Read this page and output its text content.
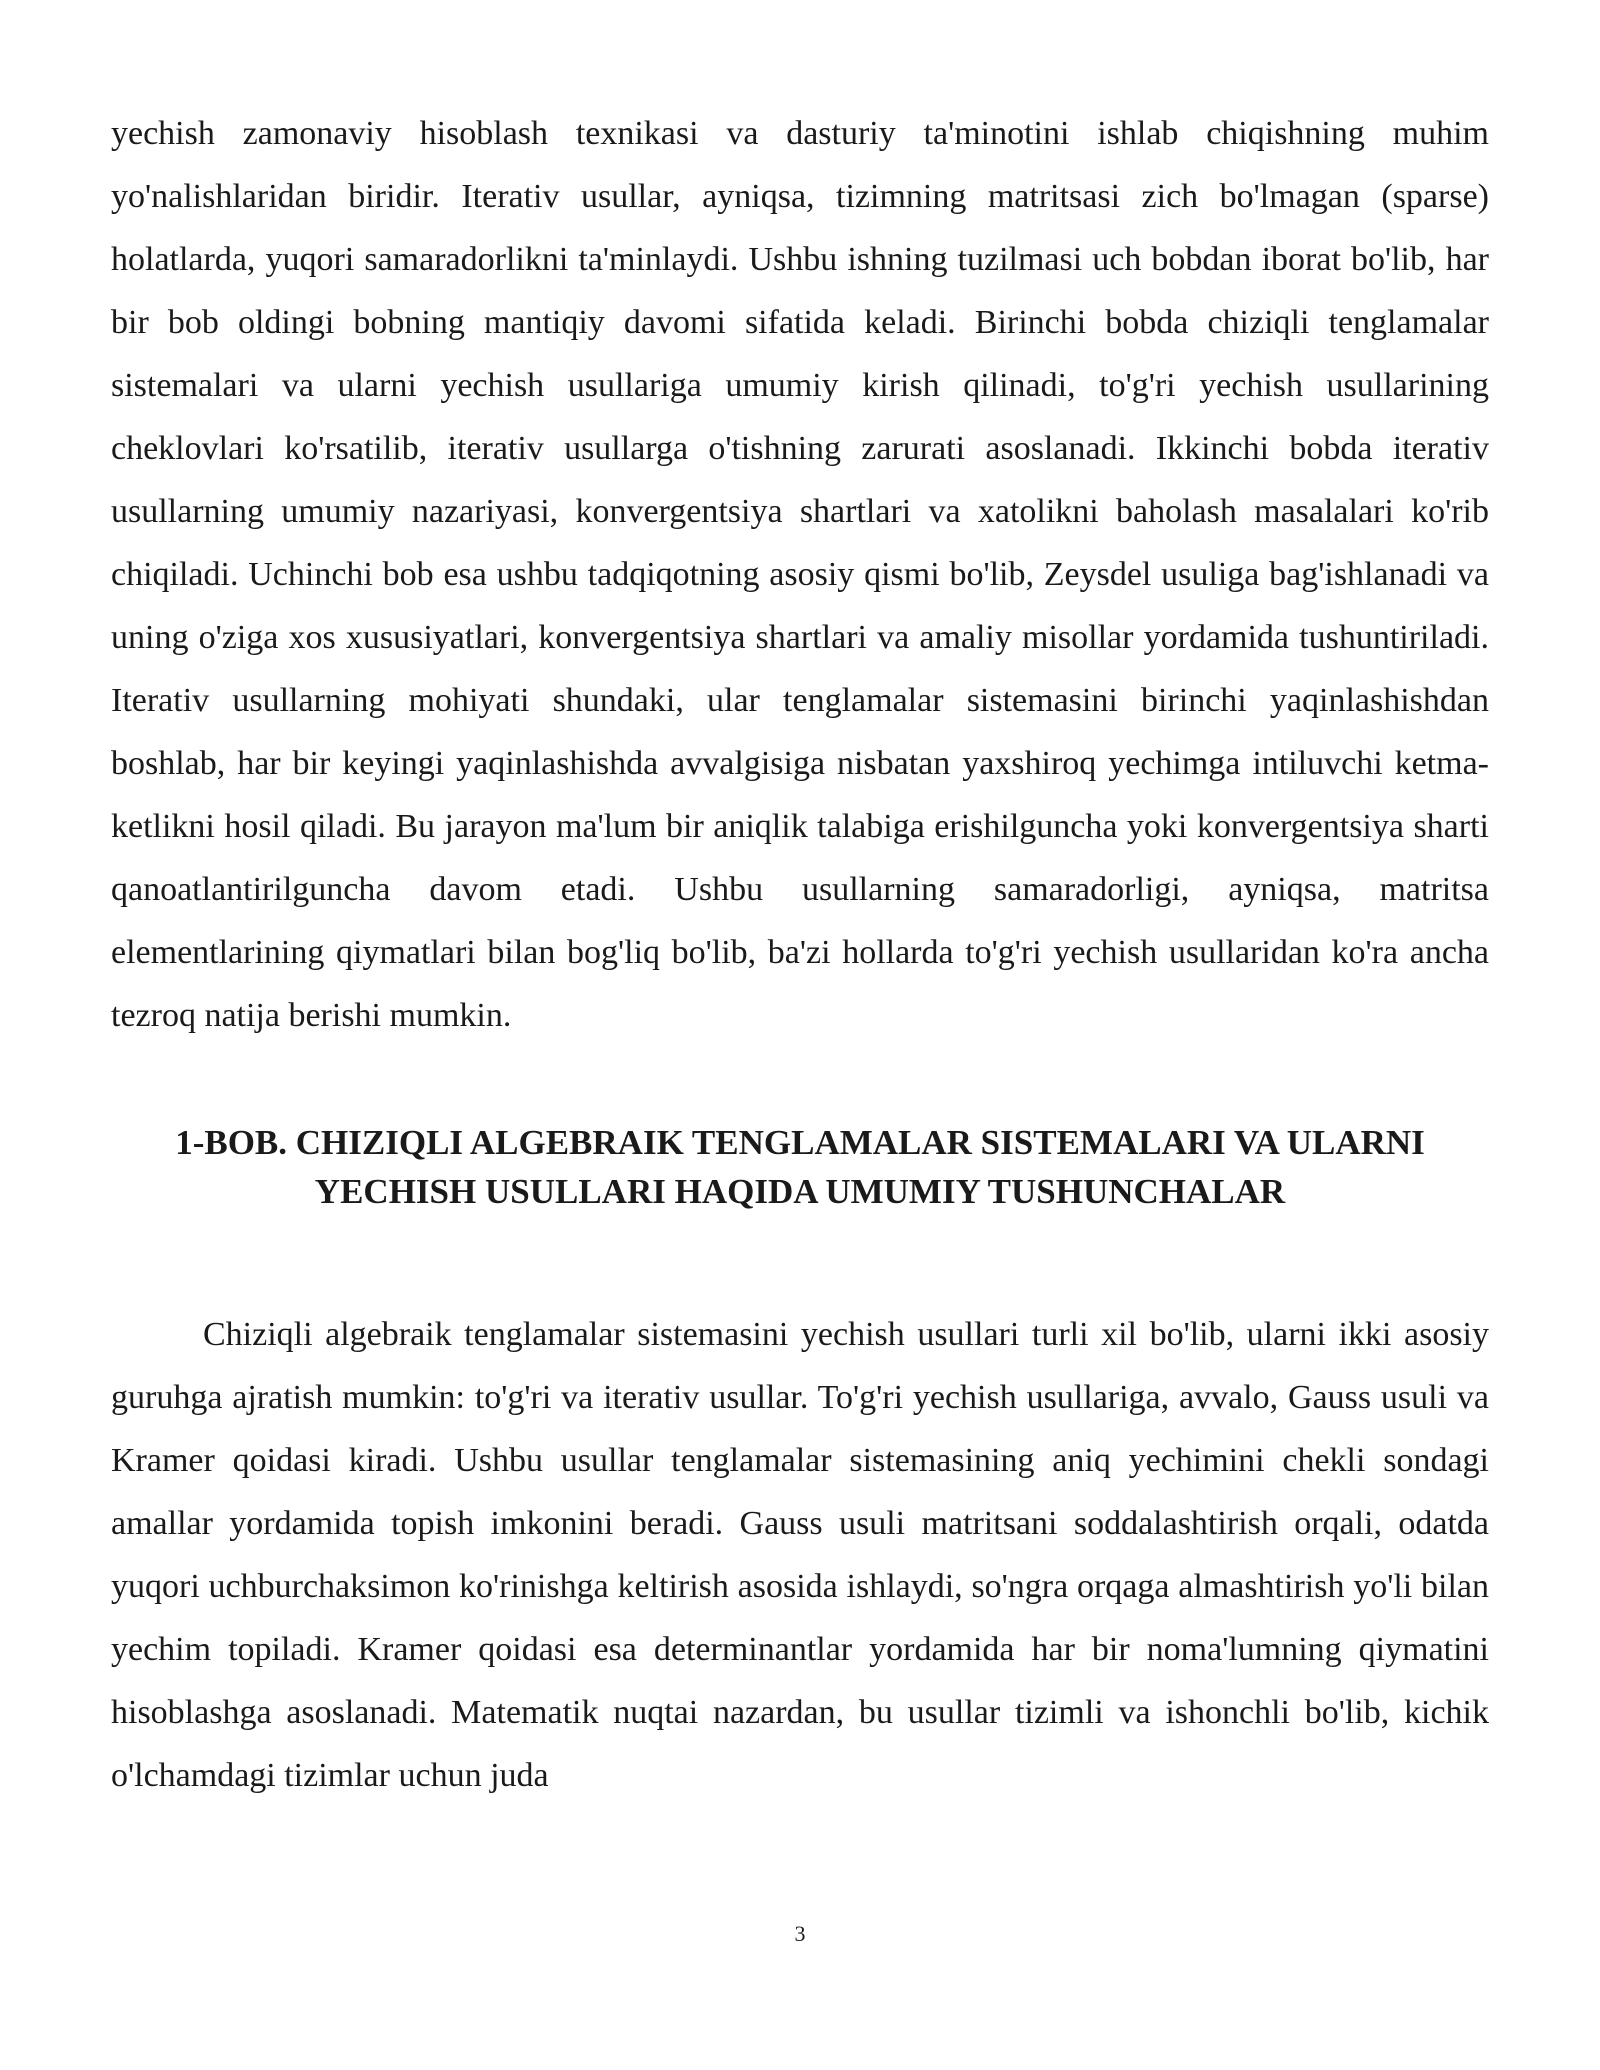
yechish zamonaviy hisoblash texnikasi va dasturiy ta'minotini ishlab chiqishning muhim yo'nalishlaridan biridir. Iterativ usullar, ayniqsa, tizimning matritsasi zich bo'lmagan (sparse) holatlarda, yuqori samaradorlikni ta'minlaydi. Ushbu ishning tuzilmasi uch bobdan iborat bo'lib, har bir bob oldingi bobning mantiqiy davomi sifatida keladi. Birinchi bobda chiziqli tenglamalar sistemalari va ularni yechish usullariga umumiy kirish qilinadi, to'g'ri yechish usullarining cheklovlari ko'rsatilib, iterativ usullarga o'tishning zarurati asoslanadi. Ikkinchi bobda iterativ usullarning umumiy nazariyasi, konvergentsiya shartlari va xatolikni baholash masalalari ko'rib chiqiladi. Uchinchi bob esa ushbu tadqiqotning asosiy qismi bo'lib, Zeysdel usuliga bag'ishlanadi va uning o'ziga xos xususiyatlari, konvergentsiya shartlari va amaliy misollar yordamida tushuntiriladi. Iterativ usullarning mohiyati shundaki, ular tenglamalar sistemasini birinchi yaqinlashishdan boshlab, har bir keyingi yaqinlashishda avvalgisiga nisbatan yaxshiroq yechimga intiluvchi ketma-ketlikni hosil qiladi. Bu jarayon ma'lum bir aniqlik talabiga erishilguncha yoki konvergentsiya sharti qanoatlantirilguncha davom etadi. Ushbu usullarning samaradorligi, ayniqsa, matritsa elementlarining qiymatlari bilan bog'liq bo'lib, ba'zi hollarda to'g'ri yechish usullaridan ko'ra ancha tezroq natija berishi mumkin.

1-BOB. CHIZIQLI ALGEBRAIK TENGLAMALAR SISTEMALARI VA ULARNI
YECHISH USULLARI HAQIDA UMUMIY TUSHUNCHALAR

Chiziqli algebraik tenglamalar sistemasini yechish usullari turli xil bo'lib, ularni ikki asosiy guruhga ajratish mumkin: to'g'ri va iterativ usullar. To'g'ri yechish usullariga, avvalo, Gauss usuli va Kramer qoidasi kiradi. Ushbu usullar tenglamalar sistemasining aniq yechimini chekli sondagi amallar yordamida topish imkonini beradi. Gauss usuli matritsani soddalashtirish orqali, odatda yuqori uchburchaksimon ko'rinishga keltirish asosida ishlaydi, so'ngra orqaga almashtirish yo'li bilan yechim topiladi. Kramer qoidasi esa determinantlar yordamida har bir noma'lumning qiymatini hisoblashga asoslanadi. Matematik nuqtai nazardan, bu usullar tizimli va ishonchli bo'lib, kichik o'lchamdagi tizimlar uchun juda

3
